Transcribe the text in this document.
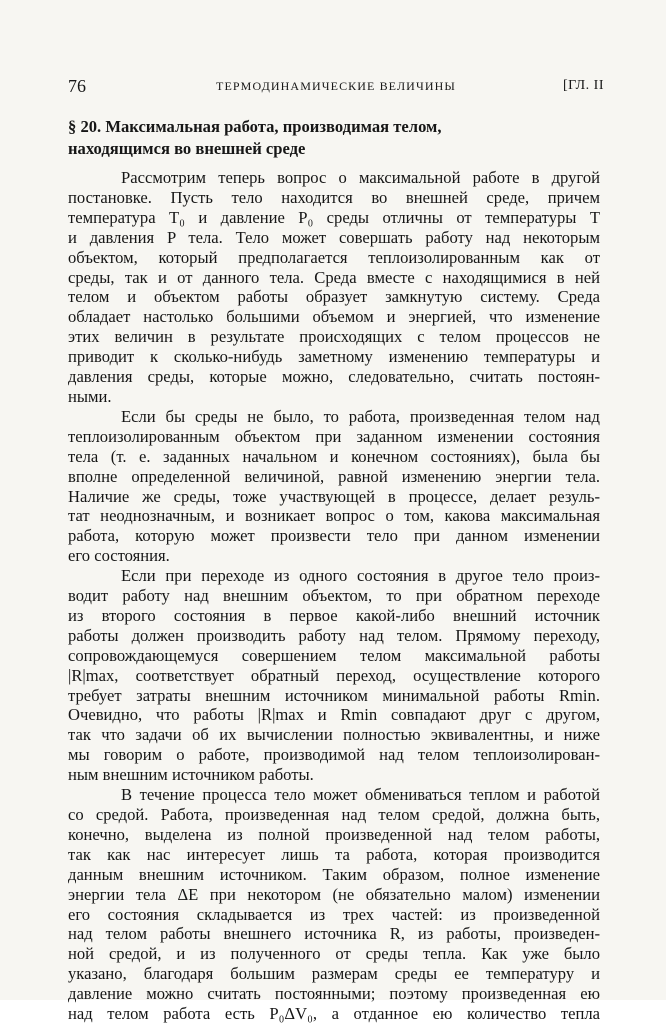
76	ТЕРМОДИНАМИЧЕСКИЕ ВЕЛИЧИНЫ	[ГЛ. II
§ 20. Максимальная работа, производимая телом,
находящимся во внешней среде

Рассмотрим теперь вопрос о максимальной работе в другой
постановке. Пусть тело находится во внешней среде, причем
температура T₀ и давление P₀ среды отличны от температуры T
и давления P тела. Тело может совершать работу над некоторым
объектом, который предполагается теплоизолированным как от
среды, так и от данного тела. Среда вместе с находящимися в ней
телом и объектом работы образует замкнутую систему. Среда
обладает настолько большими объемом и энергией, что изменение
этих величин в результате происходящих с телом процессов не
приводит к сколько-нибудь заметному изменению температуры и
давления среды, которые можно, следовательно, считать постоян-
ными.

Если бы среды не было, то работа, произведенная телом над
теплоизолированным объектом при заданном изменении состояния
тела (т. е. заданных начальном и конечном состояниях), была бы
вполне определенной величиной, равной изменению энергии тела.
Наличие же среды, тоже участвующей в процессе, делает резуль-
тат неоднозначным, и возникает вопрос о том, какова максимальная
работа, которую может произвести тело при данном изменении
его состояния.

Если при переходе из одного состояния в другое тело произ-
водит работу над внешним объектом, то при обратном переходе
из второго состояния в первое какой-либо внешний источник
работы должен производить работу над телом. Прямому переходу,
сопровождающемуся совершением телом максимальной работы
|R|max, соответствует обратный переход, осуществление которого
требует затраты внешним источником минимальной работы Rmin.
Очевидно, что работы |R|max и Rmin совпадают друг с другом,
так что задачи об их вычислении полностью эквивалентны, и ниже
мы говорим о работе, производимой над телом теплоизолирован-
ным внешним источником работы.

В течение процесса тело может обмениваться теплом и работой
со средой. Работа, произведенная над телом средой, должна быть,
конечно, выделена из полной произведенной над телом работы,
так как нас интересует лишь та работа, которая производится
данным внешним источником. Таким образом, полное изменение
энергии тела ΔE при некотором (не обязательно малом) изменении
его состояния складывается из трех частей: из произведенной
над телом работы внешнего источника R, из работы, произведен-
ной средой, и из полученного от среды тепла. Как уже было
указано, благодаря большим размерам среды ее температуру и
давление можно считать постоянными; поэтому произведенная ею
над телом работа есть P₀ΔV₀, а отданное ею количество тепла
